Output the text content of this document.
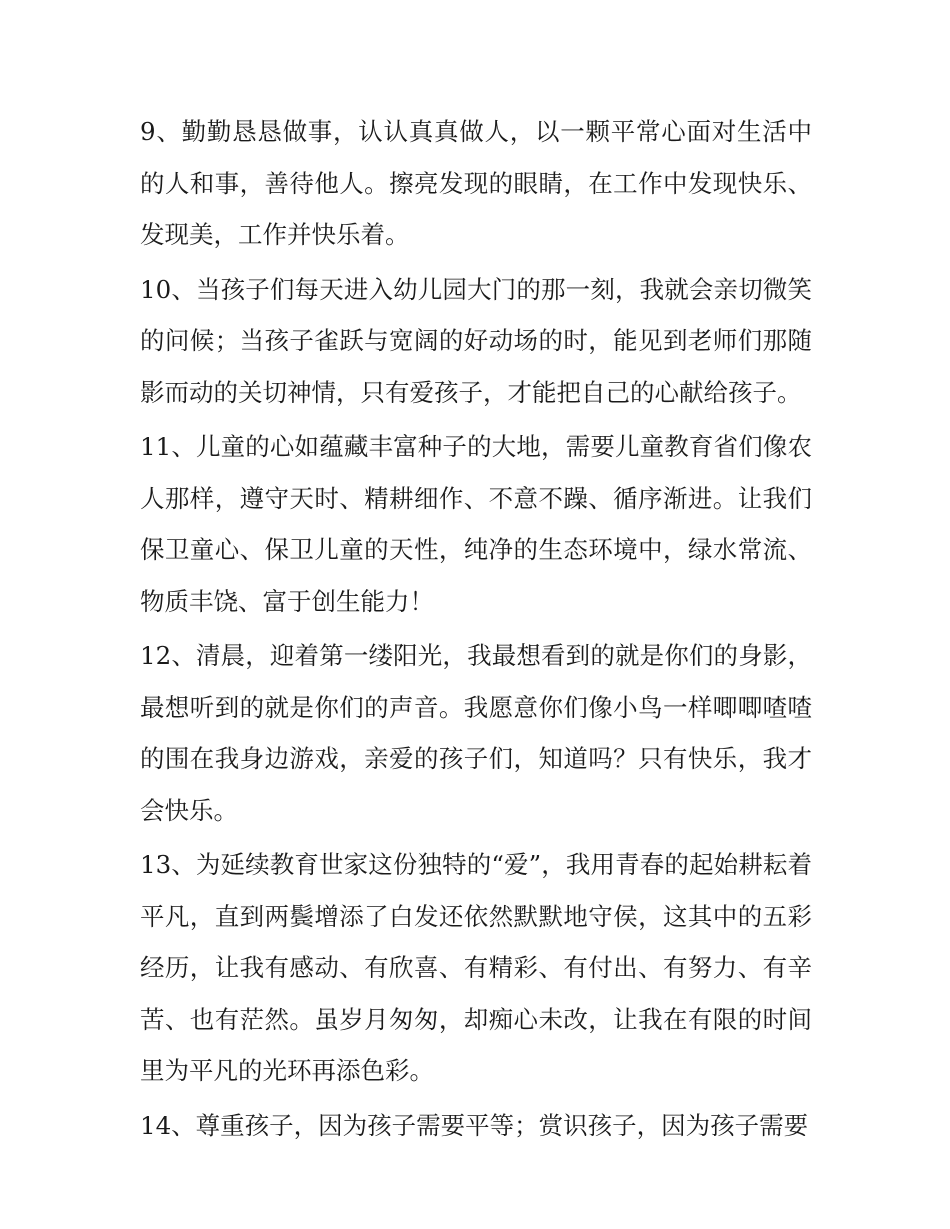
9、勤勤恳恳做事，认认真真做人，以一颗平常心面对生活中的人和事，善待他人。擦亮发现的眼睛，在工作中发现快乐、发现美，工作并快乐着。

10、当孩子们每天进入幼儿园大门的那一刻，我就会亲切微笑的问候；当孩子雀跃与宽阔的好动场的时，能见到老师们那随影而动的关切神情，只有爱孩子，才能把自己的心献给孩子。

11、儿童的心如蕴藏丰富种子的大地，需要儿童教育省们像农人那样，遵守天时、精耕细作、不意不躁、循序渐进。让我们保卫童心、保卫儿童的天性，纯净的生态环境中，绿水常流、物质丰饶、富于创生能力！

12、清晨，迎着第一缕阳光，我最想看到的就是你们的身影，最想听到的就是你们的声音。我愿意你们像小鸟一样唧唧喳喳的围在我身边游戏，亲爱的孩子们，知道吗？只有快乐，我才会快乐。

13、为延续教育世家这份独特的“爱”，我用青春的起始耕耘着平凡，直到两鬓增添了白发还依然默默地守侯，这其中的五彩经历，让我有感动、有欣喜、有精彩、有付出、有努力、有辛苦、也有茫然。虽岁月匆匆，却痴心未改，让我在有限的时间里为平凡的光环再添色彩。

14、尊重孩子，因为孩子需要平等；赏识孩子，因为孩子需要
